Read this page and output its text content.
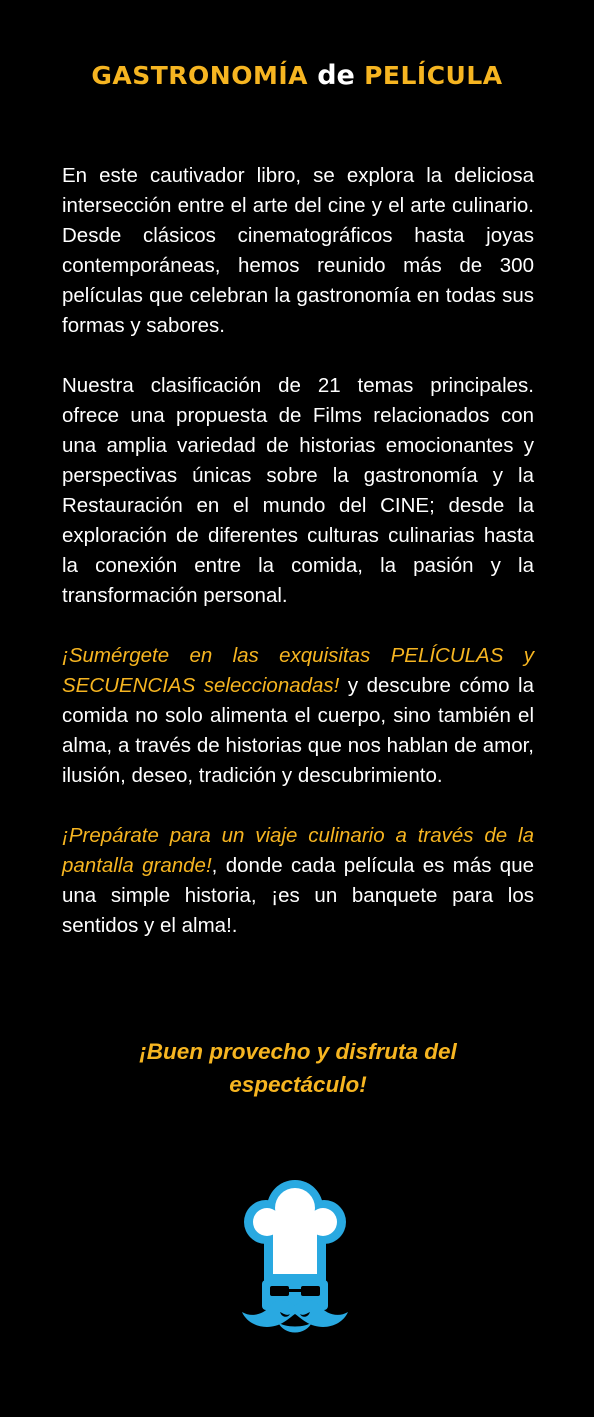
GASTRONOMÍA de PELÍCULA

En este cautivador libro, se explora la deliciosa intersección entre el arte del cine y el arte culinario. Desde clásicos cinematográficos hasta joyas contemporáneas, hemos reunido más de 300 películas que celebran la gastronomía en todas sus formas y sabores.

Nuestra clasificación de 21 temas principales. ofrece una propuesta de Films relacionados con una amplia variedad de historias emocionantes y perspectivas únicas sobre la gastronomía y la Restauración en el mundo del CINE; desde la exploración de diferentes culturas culinarias hasta la conexión entre la comida, la pasión y la transformación personal.

¡Sumérgete en las exquisitas PELÍCULAS y SECUENCIAS seleccionadas! y descubre cómo la comida no solo alimenta el cuerpo, sino también el alma, a través de historias que nos hablan de amor, ilusión, deseo, tradición y descubrimiento.

¡Prepárate para un viaje culinario a través de la pantalla grande!, donde cada película es más que una simple historia, ¡es un banquete para los sentidos y el alma!.

¡Buen provecho y disfruta del
espectáculo!
